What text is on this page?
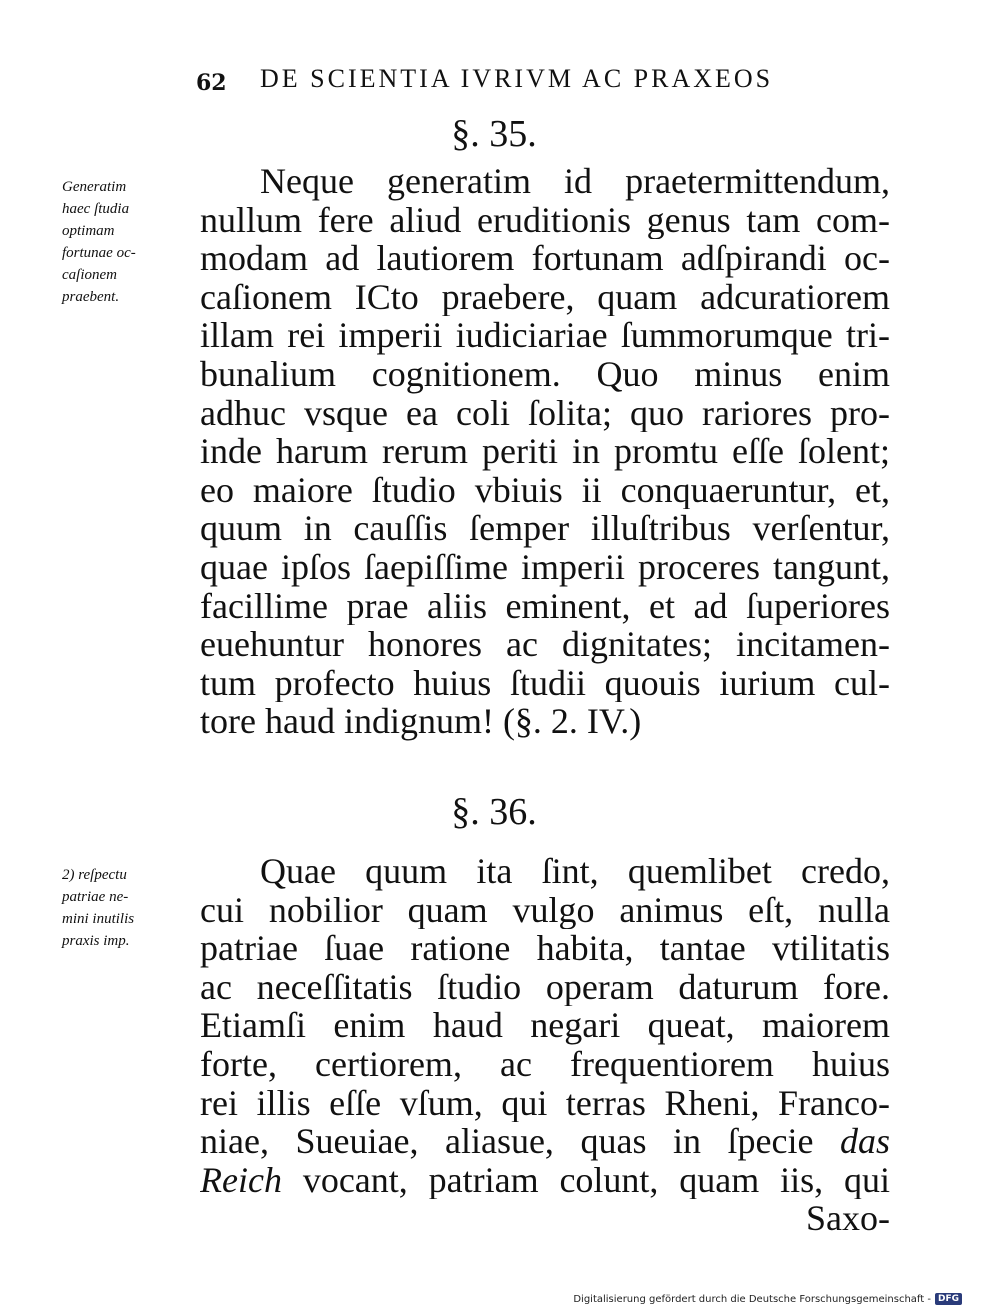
62 DE SCIENTIA IVRIVM AC PRAXEOS
§. 35.
Generatim
haec ſtudia
optimam
fortunae oc-
caſionem
praebent.
Neque generatim id praetermittendum,
nullum fere aliud eruditionis genus tam com-
modam ad lautiorem fortunam adſpirandi oc-
caſionem ICto praebere, quam adcuratiorem
illam rei imperii iudiciariae ſummorumque tri-
bunalium cognitionem. Quo minus enim
adhuc vsque ea coli ſolita; quo rariores pro-
inde harum rerum periti in promtu eſſe ſolent;
eo maiore ſtudio vbiuis ii conquaeruntur, et,
quum in cauſſis ſemper illuſtribus verſentur,
quae ipſos ſaepiſſime imperii proceres tangunt,
facillime prae aliis eminent, et ad ſuperiores
euehuntur honores ac dignitates; incitamen-
tum profecto huius ſtudii quouis iurium cul-
tore haud indignum! (§. 2. IV.)
§. 36.
2) reſpectu
patriae ne-
mini inutilis
praxis imp.
Quae quum ita ſint, quemlibet credo,
cui nobilior quam vulgo animus eſt, nulla
patriae ſuae ratione habita, tantae vtilitatis
ac neceſſitatis ſtudio operam daturum fore.
Etiamſi enim haud negari queat, maiorem
forte, certiorem, ac frequentiorem huius
rei illis eſſe vſum, qui terras Rheni, Franco-
niae, Sueuiae, aliasue, quas in ſpecie das
Reich vocant, patriam colunt, quam iis, qui
Saxo-
Digitalisierung gefördert durch die Deutsche Forschungsgemeinschaft - DFG
